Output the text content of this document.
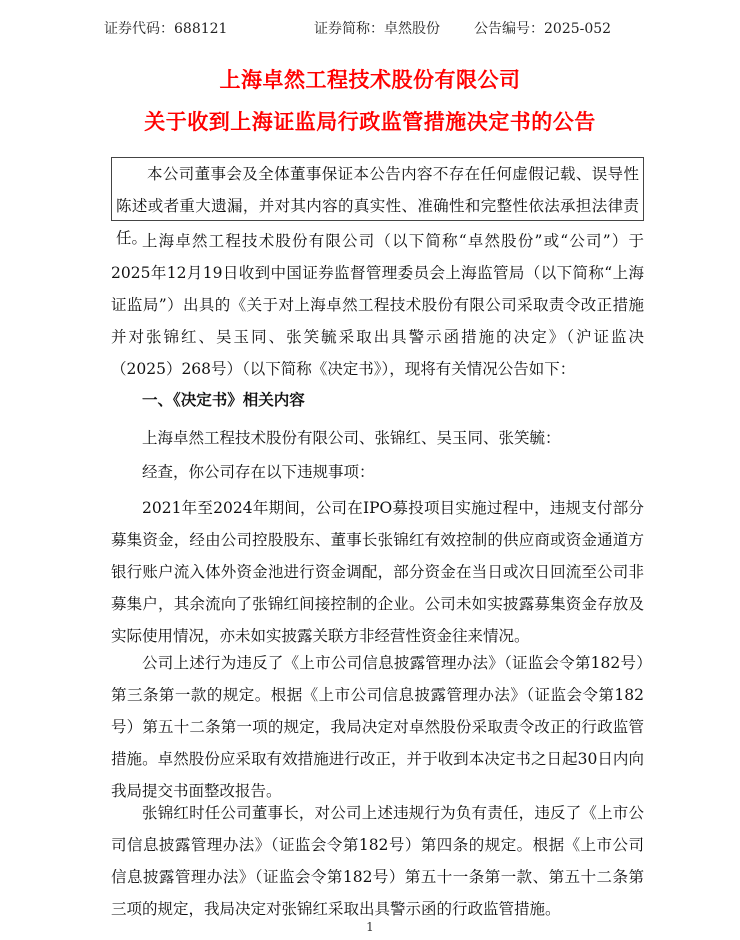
证券代码：688121	证券简称：卓然股份 公告编号：2025-052
上海卓然工程技术股份有限公司
关于收到上海证监局行政监管措施决定书的公告

本公司董事会及全体董事保证本公告内容不存在任何虚假记载、误导性陈述或者重大遗漏，并对其内容的真实性、准确性和完整性依法承担法律责任。

上海卓然工程技术股份有限公司（以下简称“卓然股份”或“公司”）于2025年12月19日收到中国证券监督管理委员会上海监管局（以下简称“上海证监局”）出具的《关于对上海卓然工程技术股份有限公司采取责令改正措施并对张锦红、吴玉同、张笑毓采取出具警示函措施的决定》（沪证监决（2025）268号）（以下简称《决定书》），现将有关情况公告如下：

一、《决定书》相关内容

上海卓然工程技术股份有限公司、张锦红、吴玉同、张笑毓：

经查，你公司存在以下违规事项：

2021年至2024年期间，公司在IPO募投项目实施过程中，违规支付部分募集资金，经由公司控股股东、董事长张锦红有效控制的供应商或资金通道方银行账户流入体外资金池进行资金调配，部分资金在当日或次日回流至公司非募集户，其余流向了张锦红间接控制的企业。公司未如实披露募集资金存放及实际使用情况，亦未如实披露关联方非经营性资金往来情况。

公司上述行为违反了《上市公司信息披露管理办法》（证监会令第182号）第三条第一款的规定。根据《上市公司信息披露管理办法》（证监会令第182号）第五十二条第一项的规定，我局决定对卓然股份采取责令改正的行政监管措施。卓然股份应采取有效措施进行改正，并于收到本决定书之日起30日内向我局提交书面整改报告。

张锦红时任公司董事长，对公司上述违规行为负有责任，违反了《上市公司信息披露管理办法》（证监会令第182号）第四条的规定。根据《上市公司信息披露管理办法》（证监会令第182号）第五十一条第一款、第五十二条第三项的规定，我局决定对张锦红采取出具警示函的行政监管措施。

1
